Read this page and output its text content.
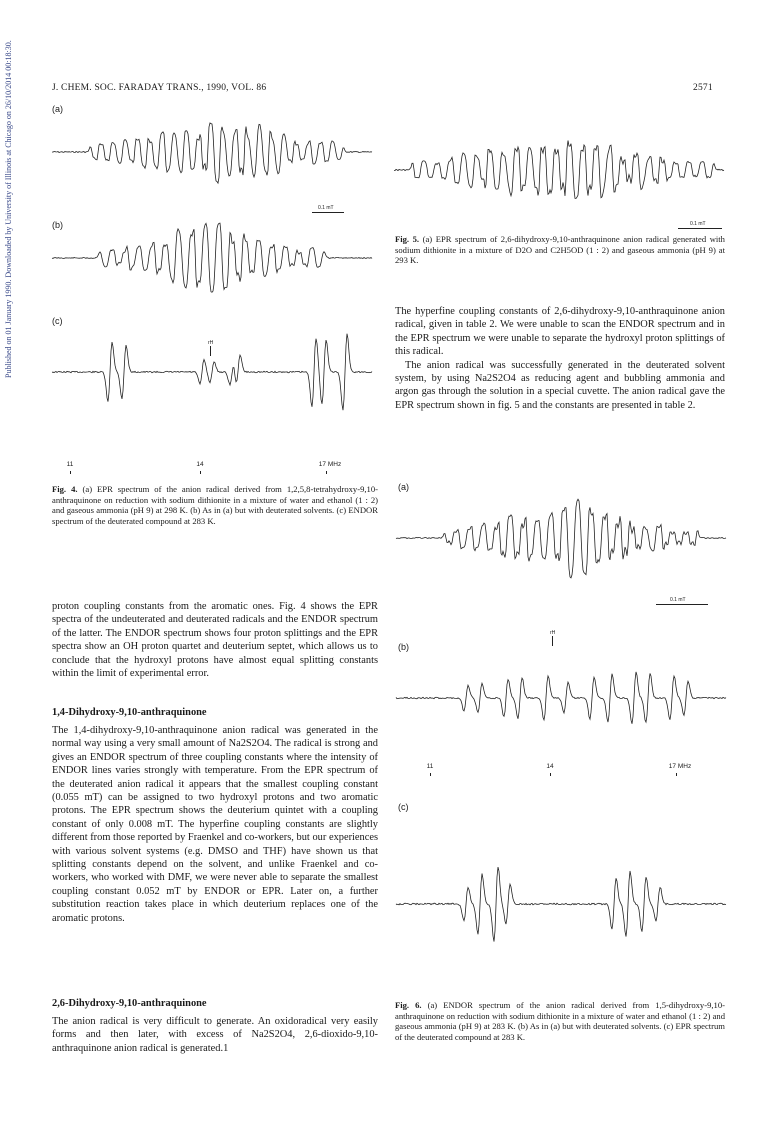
J. CHEM. SOC. FARADAY TRANS., 1990, VOL. 86	2571
Published on 01 January 1990. Downloaded by University of Illinois at Chicago on 26/10/2014 00:18:30.	(a)
0.1 mT
(b)
(c)
rH
11	14	17 MHz
Fig. 4. (a) EPR spectrum of the anion radical derived from 1,2,5,8-tetrahydroxy-9,10-anthraquinone on reduction with sodium dithionite in a mixture of water and ethanol (1 : 2) and gaseous ammonia (pH 9) at 298 K. (b) As in (a) but with deuterated solvents. (c) ENDOR spectrum of the deuterated compound at 283 K.
0.1 mT
Fig. 5. (a) EPR spectrum of 2,6-dihydroxy-9,10-anthraquinone anion radical generated with sodium dithionite in a mixture of D2O and C2H5OD (1 : 2) and gaseous ammonia (pH 9) at 293 K.

The hyperfine coupling constants of 2,6-dihydroxy-9,10-anthraquinone anion radical, given in table 2. We were unable to scan the ENDOR spectrum and in the EPR spectrum we were unable to separate the hydroxyl proton splittings of this radical.

The anion radical was successfully generated in the deuterated solvent system, by using Na2S2O4 as reducing agent and bubbling ammonia and argon gas through the solution in a special cuvette. The anion radical gave the EPR spectrum shown in fig. 5 and the constants are presented in table 2.

(a)
0.1 mT
(b)
rH
11	14	17 MHz
(c)
Fig. 6. (a) ENDOR spectrum of the anion radical derived from 1,5-dihydroxy-9,10-anthraquinone on reduction with sodium dithionite in a mixture of water and ethanol (1 : 2) and gaseous ammonia (pH 9) at 283 K. (b) As in (a) but with deuterated solvents. (c) EPR spectrum of the deuterated compound at 283 K.

proton coupling constants from the aromatic ones. Fig. 4 shows the EPR spectra of the undeuterated and deuterated radicals and the ENDOR spectrum of the latter. The ENDOR spectrum shows four proton splittings and the EPR spectra show an OH proton quartet and deuterium septet, which allows us to conclude that the hydroxyl protons have almost equal splitting constants within the limit of experimental error.

1,4-Dihydroxy-9,10-anthraquinone

The 1,4-dihydroxy-9,10-anthraquinone anion radical was generated in the normal way using a very small amount of Na2S2O4. The radical is strong and gives an ENDOR spectrum of three coupling constants where the intensity of ENDOR lines varies strongly with temperature. From the EPR spectrum of the deuterated anion radical it appears that the smallest coupling constant (0.055 mT) can be assigned to two hydroxyl protons and two aromatic protons. The EPR spectrum shows the deuterium quintet with a coupling constant of only 0.008 mT. The hyperfine coupling constants are slightly different from those reported by Fraenkel and co-workers, but our experiences with various solvent systems (e.g. DMSO and THF) have shown us that splitting constants depend on the solvent, and unlike Fraenkel and co-workers, who worked with DMF, we were never able to separate the smallest coupling constant 0.052 mT by ENDOR or EPR. Later on, a further substitution reaction takes place in which deuterium replaces one of the aromatic protons.

2,6-Dihydroxy-9,10-anthraquinone

The anion radical is very difficult to generate. An oxidoradical very easily forms and then later, with excess of Na2S2O4, 2,6-dioxido-9,10-anthraquinone anion radical is generated.1
